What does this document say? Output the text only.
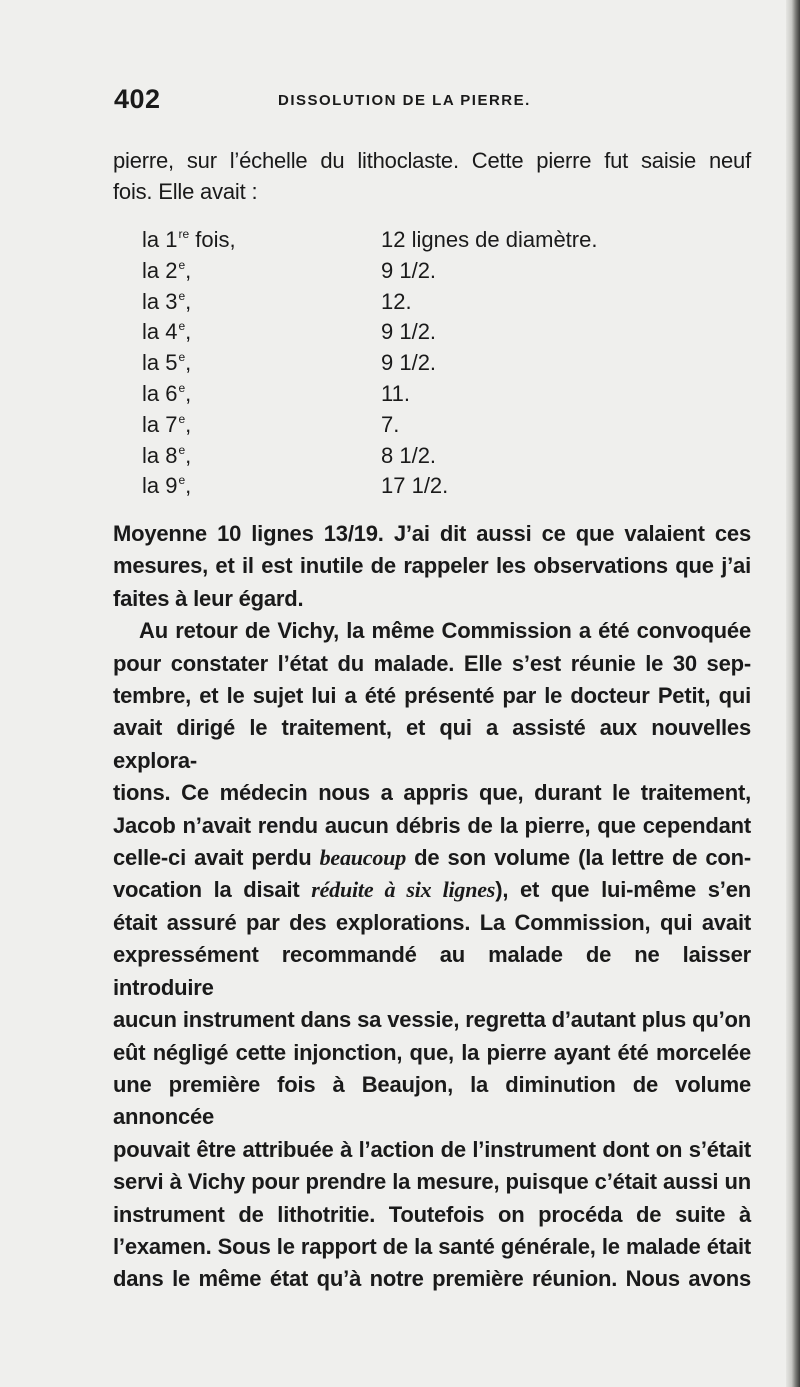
402	DISSOLUTION DE LA PIERRE.
pierre, sur l’échelle du lithoclaste. Cette pierre fut saisie neuf
fois. Elle avait :
la 1re fois,	12 lignes de diamètre.
la 2e,	9 1/2.
la 3e,	12.
la 4e,	9 1/2.
la 5e,	9 1/2.
la 6e,	11.
la 7e,	7.
la 8e,	8 1/2.
la 9e,	17 1/2.
Moyenne 10 lignes 13/19. J’ai dit aussi ce que valaient ces
mesures, et il est inutile de rappeler les observations que j’ai
faites à leur égard.
Au retour de Vichy, la même Commission a été convoquée
pour constater l’état du malade. Elle s’est réunie le 30 sep-
tembre, et le sujet lui a été présenté par le docteur Petit, qui
avait dirigé le traitement, et qui a assisté aux nouvelles explora-
tions. Ce médecin nous a appris que, durant le traitement,
Jacob n’avait rendu aucun débris de la pierre, que cependant
celle-ci avait perdu beaucoup de son volume (la lettre de con-
vocation la disait réduite à six lignes), et que lui-même s’en
était assuré par des explorations. La Commission, qui avait
expressément recommandé au malade de ne laisser introduire
aucun instrument dans sa vessie, regretta d’autant plus qu’on
eût négligé cette injonction, que, la pierre ayant été morcelée
une première fois à Beaujon, la diminution de volume annoncée
pouvait être attribuée à l’action de l’instrument dont on s’était
servi à Vichy pour prendre la mesure, puisque c’était aussi un
instrument de lithotritie. Toutefois on procéda de suite à
l’examen. Sous le rapport de la santé générale, le malade était
dans le même état qu’à notre première réunion. Nous avons
